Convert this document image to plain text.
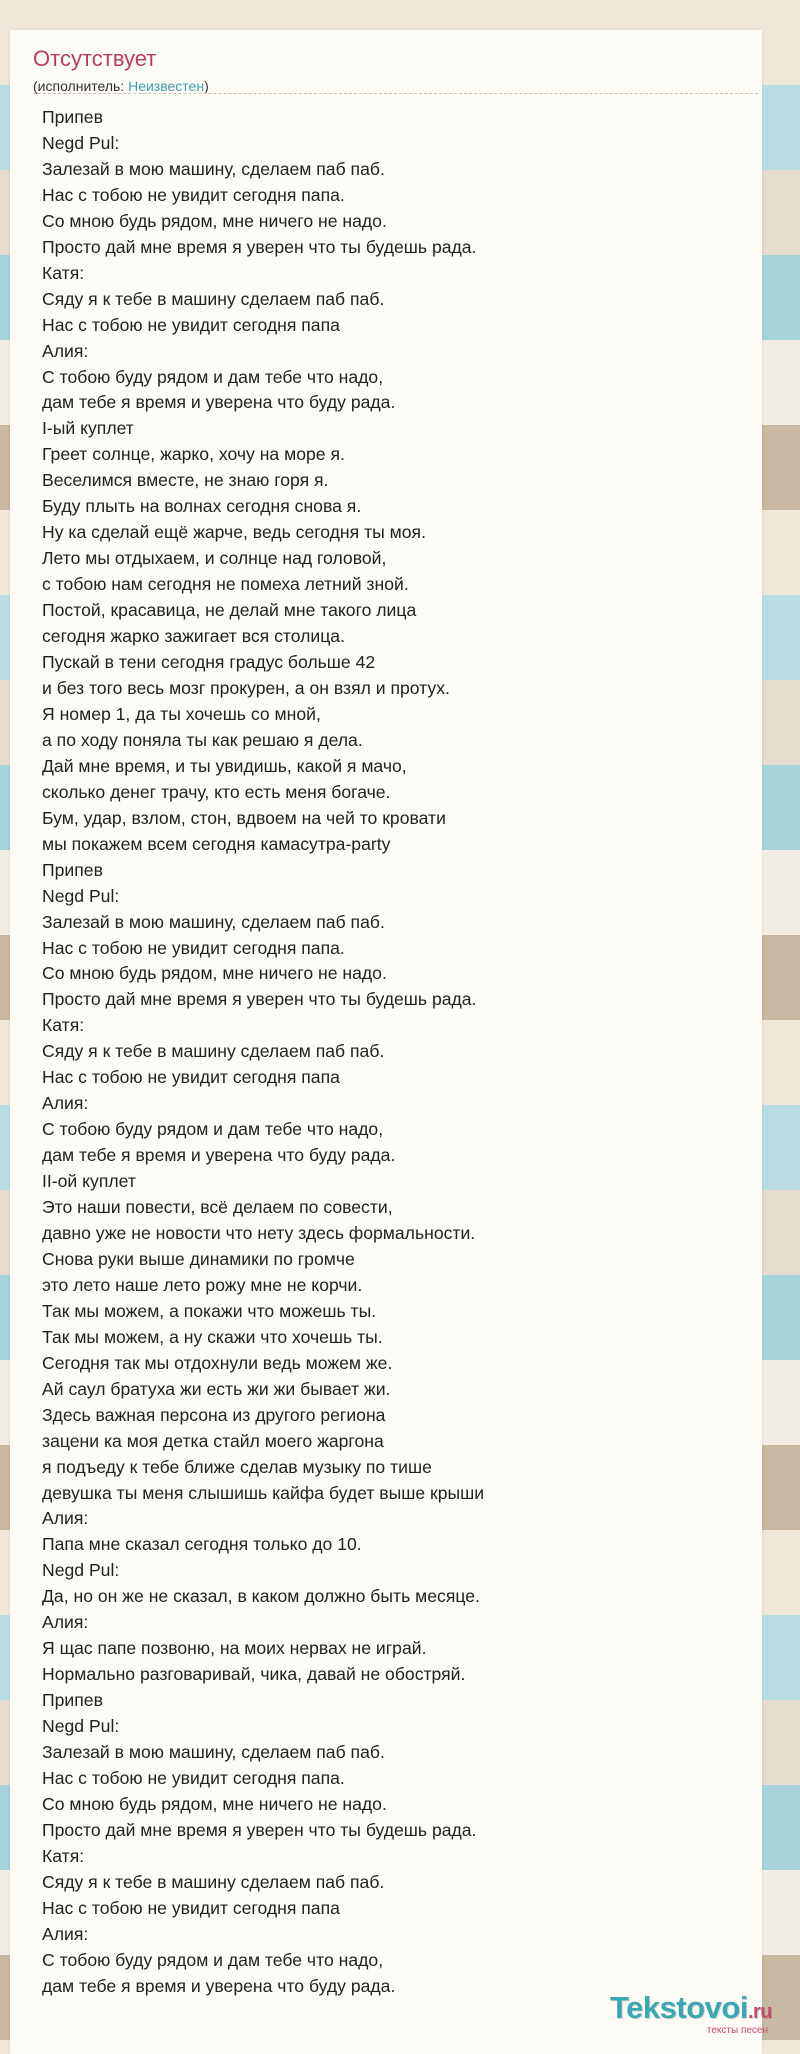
Отсутствует
(исполнитель: Неизвестен)
Припев
Negd Pul:
Залезай в мою машину, сделаем паб паб.
Нас с тобою не увидит сегодня папа.
Со мною будь рядом, мне ничего не надо.
Просто дай мне время я уверен что ты будешь рада.
Катя:
Сяду я к тебе в машину сделаем паб паб.
Нас с тобою не увидит сегодня папа
Алия:
С тобою буду рядом и дам тебе что надо,
дам тебе я время и уверена что буду рада.
I-ый куплет
Греет солнце, жарко, хочу на море я.
Веселимся вместе, не знаю горя я.
Буду плыть на волнах сегодня снова я.
Ну ка сделай ещё жарче, ведь сегодня ты моя.
Лето мы отдыхаем, и солнце над головой,
с тобою нам сегодня не помеха летний зной.
Постой, красавица, не делай мне такого лица
сегодня жарко зажигает вся столица.
Пускай в тени сегодня градус больше 42
и без того весь мозг прокурен, а он взял и протух.
Я номер 1, да ты хочешь со мной,
а по ходу поняла ты как решаю я дела.
Дай мне время, и ты увидишь, какой я мачо,
сколько денег трачу, кто есть меня богаче.
Бум, удар, взлом, стон, вдвоем на чей то кровати
мы покажем всем сегодня камасутра-party
Припев
Negd Pul:
Залезай в мою машину, сделаем паб паб.
Нас с тобою не увидит сегодня папа.
Со мною будь рядом, мне ничего не надо.
Просто дай мне время я уверен что ты будешь рада.
Катя:
Сяду я к тебе в машину сделаем паб паб.
Нас с тобою не увидит сегодня папа
Алия:
С тобою буду рядом и дам тебе что надо,
дам тебе я время и уверена что буду рада.
II-ой куплет
Это наши повести, всё делаем по совести,
давно уже не новости что нету здесь формальности.
Снова руки выше динамики по громче
это лето наше лето рожу мне не корчи.
Так мы можем, а покажи что можешь ты.
Так мы можем, а ну скажи что хочешь ты.
Сегодня так мы отдохнули ведь можем же.
Ай саул братуха жи есть жи жи бывает жи.
Здесь важная персона из другого региона
зацени ка моя детка стайл моего жаргона
я подъеду к тебе ближе сделав музыку по тише
девушка ты меня слышишь кайфа будет выше крыши
Алия:
Папа мне сказал сегодня только до 10.
Negd Pul:
Да, но он же не сказал, в каком должно быть месяце.
Алия:
Я щас папе позвоню, на моих нервах не играй.
Нормально разговаривай, чика, давай не обостряй.
Припев
Negd Pul:
Залезай в мою машину, сделаем паб паб.
Нас с тобою не увидит сегодня папа.
Со мною будь рядом, мне ничего не надо.
Просто дай мне время я уверен что ты будешь рада.
Катя:
Сяду я к тебе в машину сделаем паб паб.
Нас с тобою не увидит сегодня папа
Алия:
С тобою буду рядом и дам тебе что надо,
дам тебе я время и уверена что буду рада.
Tekstovoi.ru
тексты песен
